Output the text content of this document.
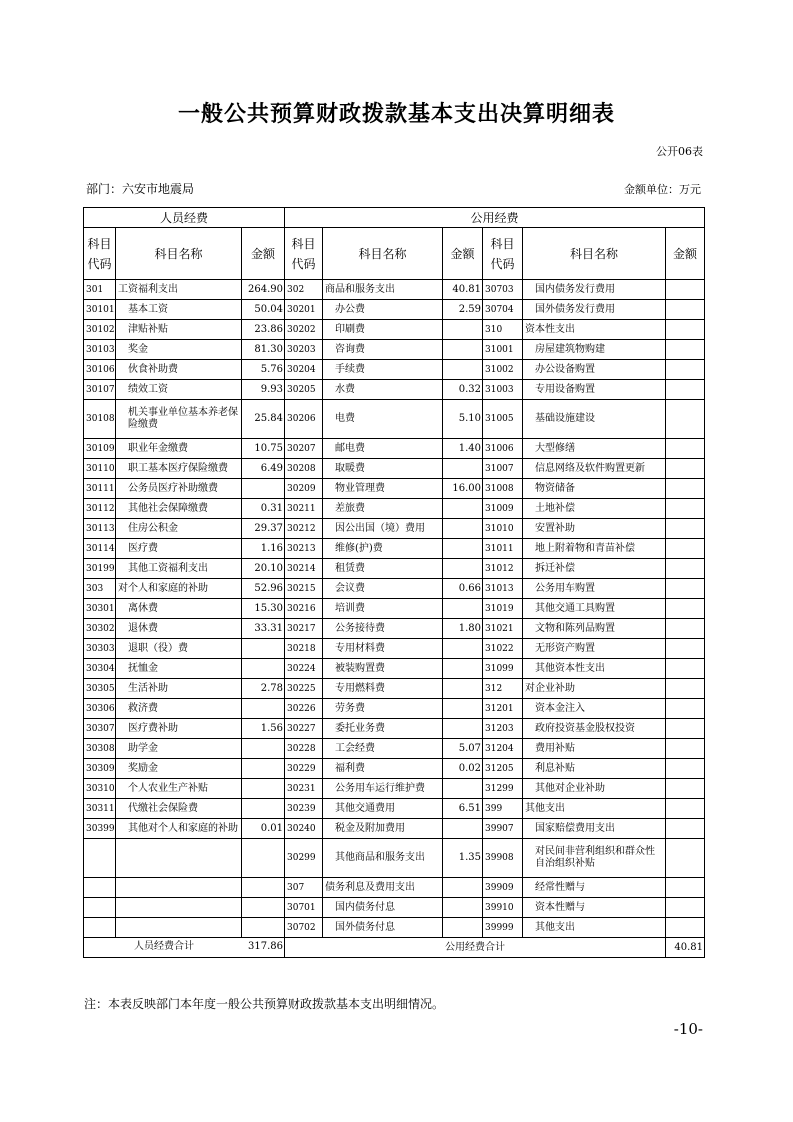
一般公共预算财政拨款基本支出决算明细表
公开06表
部门：六安市地震局	金额单位：万元
人员经费			公用经费					
科目代码	科目名称	金额	科目代码	科目名称	金额	科目代码	科目名称	金额
301	工资福利支出	264.90	302	商品和服务支出	40.81	30703	国内债务发行费用	
30101	基本工资	50.04	30201	办公费	2.59	30704	国外债务发行费用	
30102	津贴补贴	23.86	30202	印刷费		310	资本性支出	
30103	奖金	81.30	30203	咨询费		31001	房屋建筑物购建	
30106	伙食补助费	5.76	30204	手续费		31002	办公设备购置	
30107	绩效工资	9.93	30205	水费	0.32	31003	专用设备购置	
30108	机关事业单位基本养老保险缴费	25.84	30206	电费	5.10	31005	基础设施建设	
30109	职业年金缴费	10.75	30207	邮电费	1.40	31006	大型修缮	
30110	职工基本医疗保险缴费	6.49	30208	取暖费		31007	信息网络及软件购置更新	
30111	公务员医疗补助缴费		30209	物业管理费	16.00	31008	物资储备	
30112	其他社会保障缴费	0.31	30211	差旅费		31009	土地补偿	
30113	住房公积金	29.37	30212	因公出国（境）费用		31010	安置补助	
30114	医疗费	1.16	30213	维修(护)费		31011	地上附着物和青苗补偿	
30199	其他工资福利支出	20.10	30214	租赁费		31012	拆迁补偿	
303	对个人和家庭的补助	52.96	30215	会议费	0.66	31013	公务用车购置	
30301	离休费	15.30	30216	培训费		31019	其他交通工具购置	
30302	退休费	33.31	30217	公务接待费	1.80	31021	文物和陈列品购置	
30303	退职（役）费		30218	专用材料费		31022	无形资产购置	
30304	抚恤金		30224	被装购置费		31099	其他资本性支出	
30305	生活补助	2.78	30225	专用燃料费		312	对企业补助	
30306	救济费		30226	劳务费		31201	资本金注入	
30307	医疗费补助	1.56	30227	委托业务费		31203	政府投资基金股权投资	
30308	助学金		30228	工会经费	5.07	31204	费用补贴	
30309	奖励金		30229	福利费	0.02	31205	利息补贴	
30310	个人农业生产补贴		30231	公务用车运行维护费		31299	其他对企业补助	
30311	代缴社会保险费		30239	其他交通费用	6.51	399	其他支出	
30399	其他对个人和家庭的补助	0.01	30240	税金及附加费用		39907	国家赔偿费用支出	
			30299	其他商品和服务支出	1.35	39908	对民间非营利组织和群众性自治组织补贴	
			307	债务利息及费用支出		39909	经常性赠与	
			30701	国内债务付息		39910	资本性赠与	
			30702	国外债务付息		39999	其他支出	

人员经费合计 317.86			公用经费合计					40.81
注：本表反映部门本年度一般公共预算财政拨款基本支出明细情况。
-10-
